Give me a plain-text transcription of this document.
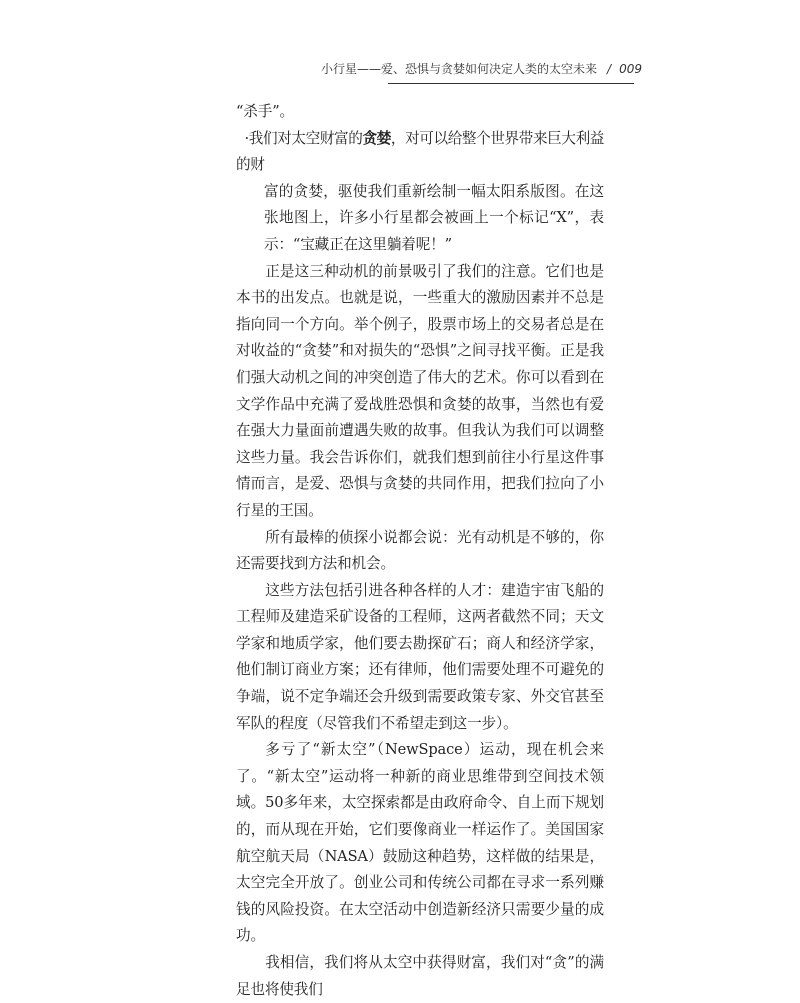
小行星——爱、恐惧与贪婪如何决定人类的太空未来 / 009

“杀手”。

·我们对太空财富的贪婪，对可以给整个世界带来巨大利益的财

富的贪婪，驱使我们重新绘制一幅太阳系版图。在这张地图上，许多小行星都会被画上一个标记“X”，表示：“宝藏正在这里躺着呢！”

正是这三种动机的前景吸引了我们的注意。它们也是本书的出发点。也就是说，一些重大的激励因素并不总是指向同一个方向。举个例子，股票市场上的交易者总是在对收益的“贪婪”和对损失的“恐惧”之间寻找平衡。正是我们强大动机之间的冲突创造了伟大的艺术。你可以看到在文学作品中充满了爱战胜恐惧和贪婪的故事，当然也有爱在强大力量面前遭遇失败的故事。但我认为我们可以调整这些力量。我会告诉你们，就我们想到前往小行星这件事情而言，是爱、恐惧与贪婪的共同作用，把我们拉向了小行星的王国。

所有最棒的侦探小说都会说：光有动机是不够的，你还需要找到方法和机会。

这些方法包括引进各种各样的人才：建造宇宙飞船的工程师及建造采矿设备的工程师，这两者截然不同；天文学家和地质学家，他们要去勘探矿石；商人和经济学家，他们制订商业方案；还有律师，他们需要处理不可避免的争端，说不定争端还会升级到需要政策专家、外交官甚至军队的程度（尽管我们不希望走到这一步）。

多亏了“新太空”（NewSpace）运动，现在机会来了。“新太空”运动将一种新的商业思维带到空间技术领域。50多年来，太空探索都是由政府命令、自上而下规划的，而从现在开始，它们要像商业一样运作了。美国国家航空航天局（NASA）鼓励这种趋势，这样做的结果是，太空完全开放了。创业公司和传统公司都在寻求一系列赚钱的风险投资。在太空活动中创造新经济只需要少量的成功。

我相信，我们将从太空中获得财富，我们对“贪”的满足也将使我们
